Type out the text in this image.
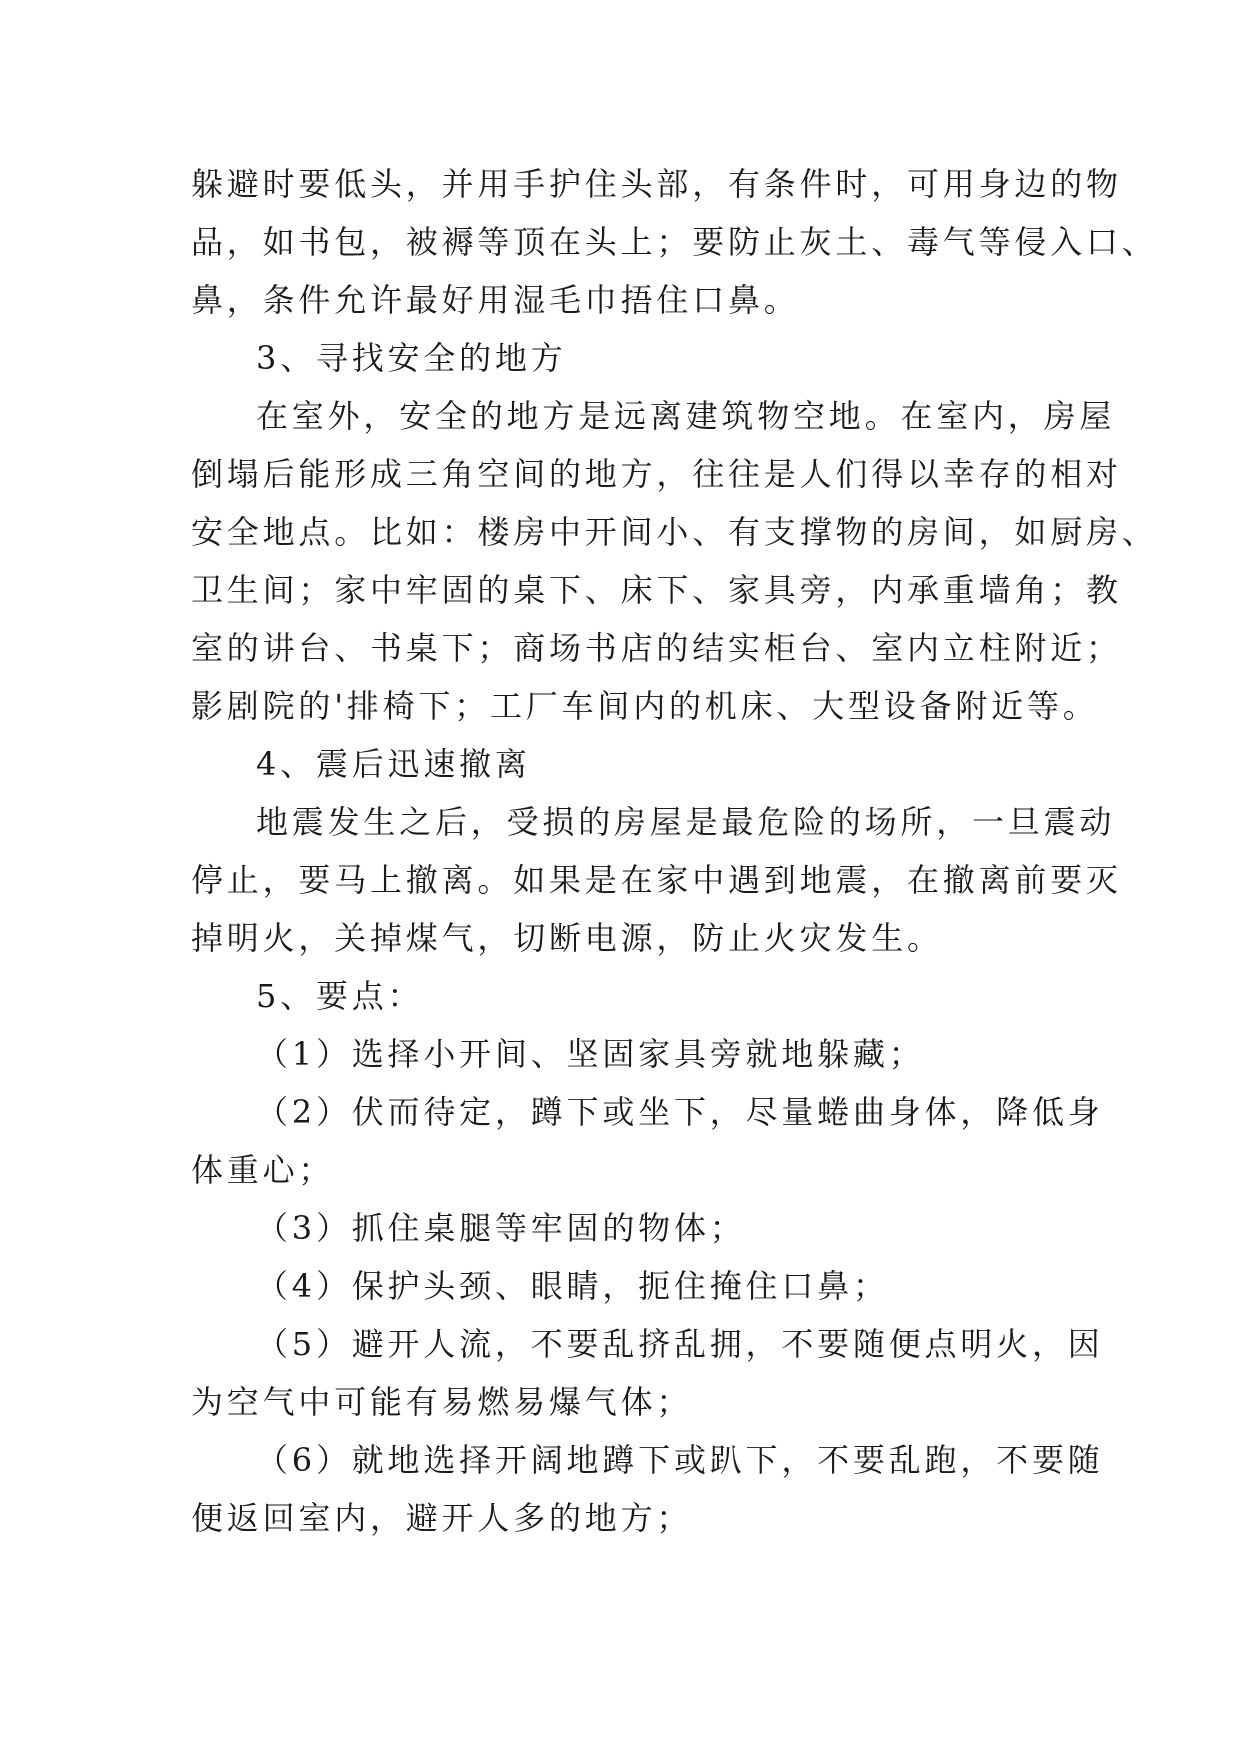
躲避时要低头，并用手护住头部，有条件时，可用身边的物

品，如书包，被褥等顶在头上；要防止灰土、毒气等侵入口、

鼻，条件允许最好用湿毛巾捂住口鼻。

3、寻找安全的地方

在室外，安全的地方是远离建筑物空地。在室内，房屋

倒塌后能形成三角空间的地方，往往是人们得以幸存的相对

安全地点。比如：楼房中开间小、有支撑物的房间，如厨房、

卫生间；家中牢固的桌下、床下、家具旁，内承重墙角；教

室的讲台、书桌下；商场书店的结实柜台、室内立柱附近；

影剧院的'排椅下；工厂车间内的机床、大型设备附近等。

4、震后迅速撤离

地震发生之后，受损的房屋是最危险的场所，一旦震动

停止，要马上撤离。如果是在家中遇到地震，在撤离前要灭

掉明火，关掉煤气，切断电源，防止火灾发生。

5、要点：

（1）选择小开间、坚固家具旁就地躲藏；

（2）伏而待定，蹲下或坐下，尽量蜷曲身体，降低身

体重心；

（3）抓住桌腿等牢固的物体；

（4）保护头颈、眼睛，扼住掩住口鼻；

（5）避开人流，不要乱挤乱拥，不要随便点明火，因

为空气中可能有易燃易爆气体；

（6）就地选择开阔地蹲下或趴下，不要乱跑，不要随

便返回室内，避开人多的地方；
